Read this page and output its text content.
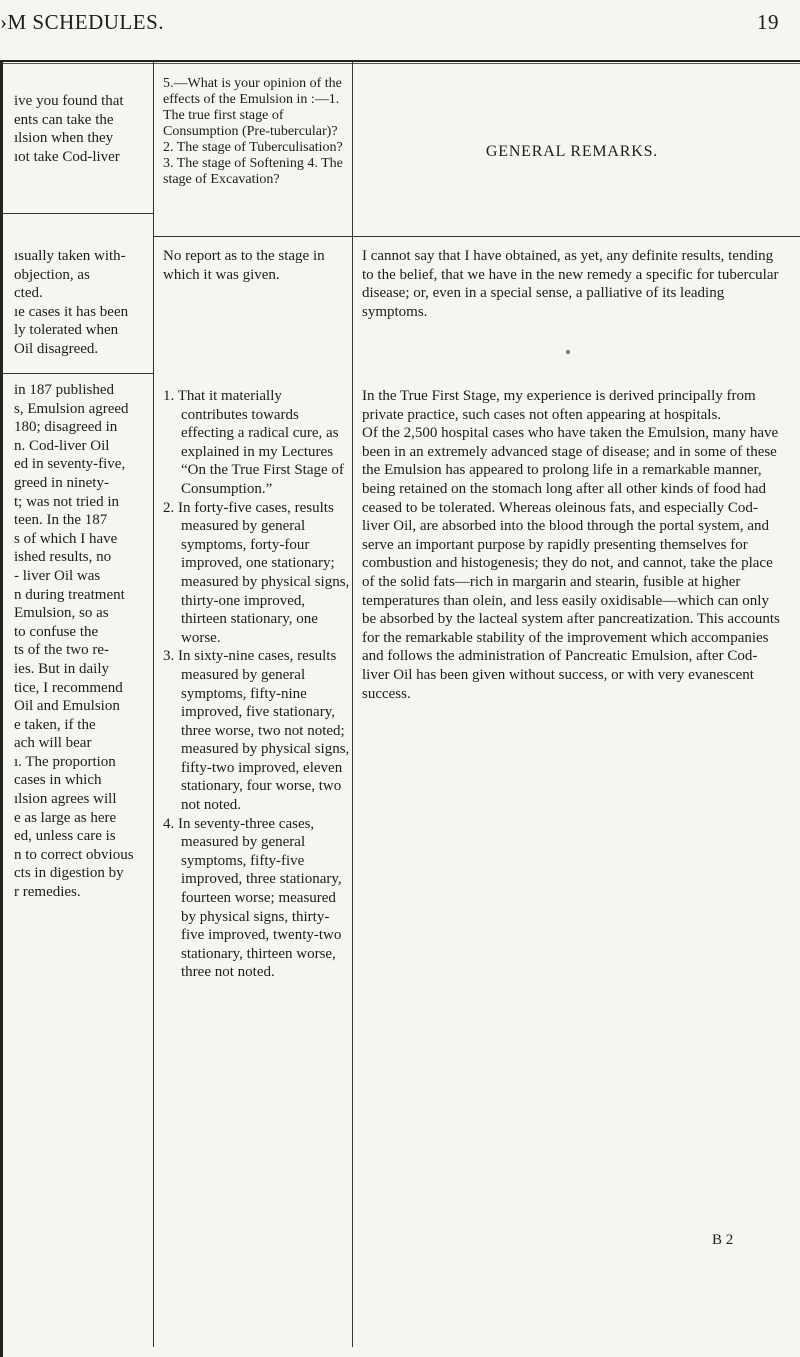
›M SCHEDULES.	19
ive you found that
ents can take the
ılsion when they
ıot take Cod-liver
ısually taken with-
objection, as
cted.
ıe cases it has been
ly tolerated when
Oil disagreed.
in 187 published
s, Emulsion agreed
180; disagreed in
n. Cod-liver Oil
ed in seventy-five,
greed in ninety-
t; was not tried in
teen. In the 187
s of which I have
ished results, no
- liver Oil was
n during treatment
Emulsion, so as
to confuse the
ts of the two re-
ies. But in daily
tice, I recommend
Oil and Emulsion
e taken, if the
ach will bear
ı. The proportion
cases in which
ılsion agrees will
e as large as here
ed, unless care is
n to correct obvious
cts in digestion by
r remedies.
5.—What is your opinion of the effects of the Emulsion in :—1. The true first stage of Consumption (Pre-tubercular)? 2. The stage of Tuberculisation? 3. The stage of Softening 4. The stage of Excavation?
No report as to the stage in which it was given.
1. That it materially contributes towards effecting a radical cure, as explained in my Lectures “On the True First Stage of Consumption.”
2. In forty-five cases, results measured by general symptoms, forty-four improved, one stationary; measured by physical signs, thirty-one improved, thirteen stationary, one worse.
3. In sixty-nine cases, results measured by general symptoms, fifty-nine improved, five stationary, three worse, two not noted; measured by physical signs, fifty-two improved, eleven stationary, four worse, two not noted.
4. In seventy-three cases, measured by general symptoms, fifty-five improved, three stationary, fourteen worse; measured by physical signs, thirty-five improved, twenty-two stationary, thirteen worse, three not noted.
GENERAL REMARKS.

I cannot say that I have obtained, as yet, any definite results, tending to the belief, that we have in the new remedy a specific for tubercular disease; or, even in a special sense, a palliative of its leading symptoms.

In the True First Stage, my experience is derived principally from private practice, such cases not often appearing at hospitals.

Of the 2,500 hospital cases who have taken the Emulsion, many have been in an extremely advanced stage of disease; and in some of these the Emulsion has appeared to prolong life in a remarkable manner, being retained on the stomach long after all other kinds of food had ceased to be tolerated. Whereas oleinous fats, and especially Cod-liver Oil, are absorbed into the blood through the portal system, and serve an important purpose by rapidly presenting themselves for combustion and histogenesis; they do not, and cannot, take the place of the solid fats—rich in margarin and stearin, fusible at higher temperatures than olein, and less easily oxidisable—which can only be absorbed by the lacteal system after pancreatization. This accounts for the remarkable stability of the improvement which accompanies and follows the administration of Pancreatic Emulsion, after Cod-liver Oil has been given without success, or with very evanescent success.

B 2
